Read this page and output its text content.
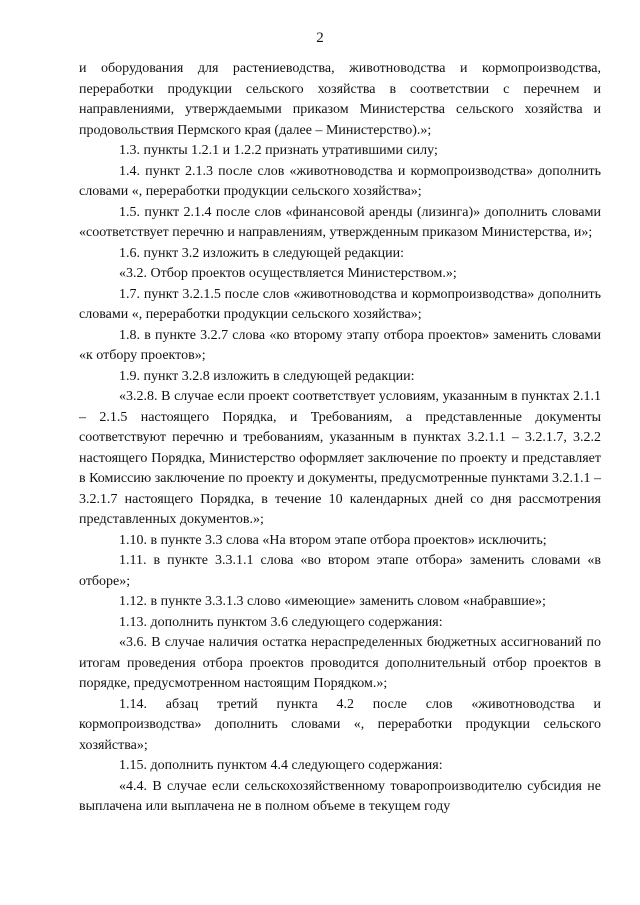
2

и оборудования для растениеводства, животноводства и кормопроизводства, переработки продукции сельского хозяйства в соответствии с перечнем и направлениями, утверждаемыми приказом Министерства сельского хозяйства и продовольствия Пермского края (далее – Министерство).»;

1.3. пункты 1.2.1 и 1.2.2 признать утратившими силу;

1.4. пункт 2.1.3 после слов «животноводства и кормопроизводства» дополнить словами «, переработки продукции сельского хозяйства»;

1.5. пункт 2.1.4 после слов «финансовой аренды (лизинга)» дополнить словами «соответствует перечню и направлениям, утвержденным приказом Министерства, и»;

1.6. пункт 3.2 изложить в следующей редакции:

«3.2. Отбор проектов осуществляется Министерством.»;

1.7. пункт 3.2.1.5 после слов «животноводства и кормопроизводства» дополнить словами «, переработки продукции сельского хозяйства»;

1.8. в пункте 3.2.7 слова «ко второму этапу отбора проектов» заменить словами «к отбору проектов»;

1.9. пункт 3.2.8 изложить в следующей редакции:

«3.2.8. В случае если проект соответствует условиям, указанным в пунктах 2.1.1 – 2.1.5 настоящего Порядка, и Требованиям, а представленные документы соответствуют перечню и требованиям, указанным в пунктах 3.2.1.1 – 3.2.1.7, 3.2.2 настоящего Порядка, Министерство оформляет заключение по проекту и представляет в Комиссию заключение по проекту и документы, предусмотренные пунктами 3.2.1.1 – 3.2.1.7 настоящего Порядка, в течение 10 календарных дней со дня рассмотрения представленных документов.»;

1.10. в пункте 3.3 слова «На втором этапе отбора проектов» исключить;

1.11. в пункте 3.3.1.1 слова «во втором этапе отбора» заменить словами «в отборе»;

1.12. в пункте 3.3.1.3 слово «имеющие» заменить словом «набравшие»;

1.13. дополнить пунктом 3.6 следующего содержания:

«3.6. В случае наличия остатка нераспределенных бюджетных ассигнований по итогам проведения отбора проектов проводится дополнительный отбор проектов в порядке, предусмотренном настоящим Порядком.»;

1.14. абзац третий пункта 4.2 после слов «животноводства и кормопроизводства» дополнить словами «, переработки продукции сельского хозяйства»;

1.15. дополнить пунктом 4.4 следующего содержания:

«4.4. В случае если сельскохозяйственному товаропроизводителю субсидия не выплачена или выплачена не в полном объеме в текущем году
